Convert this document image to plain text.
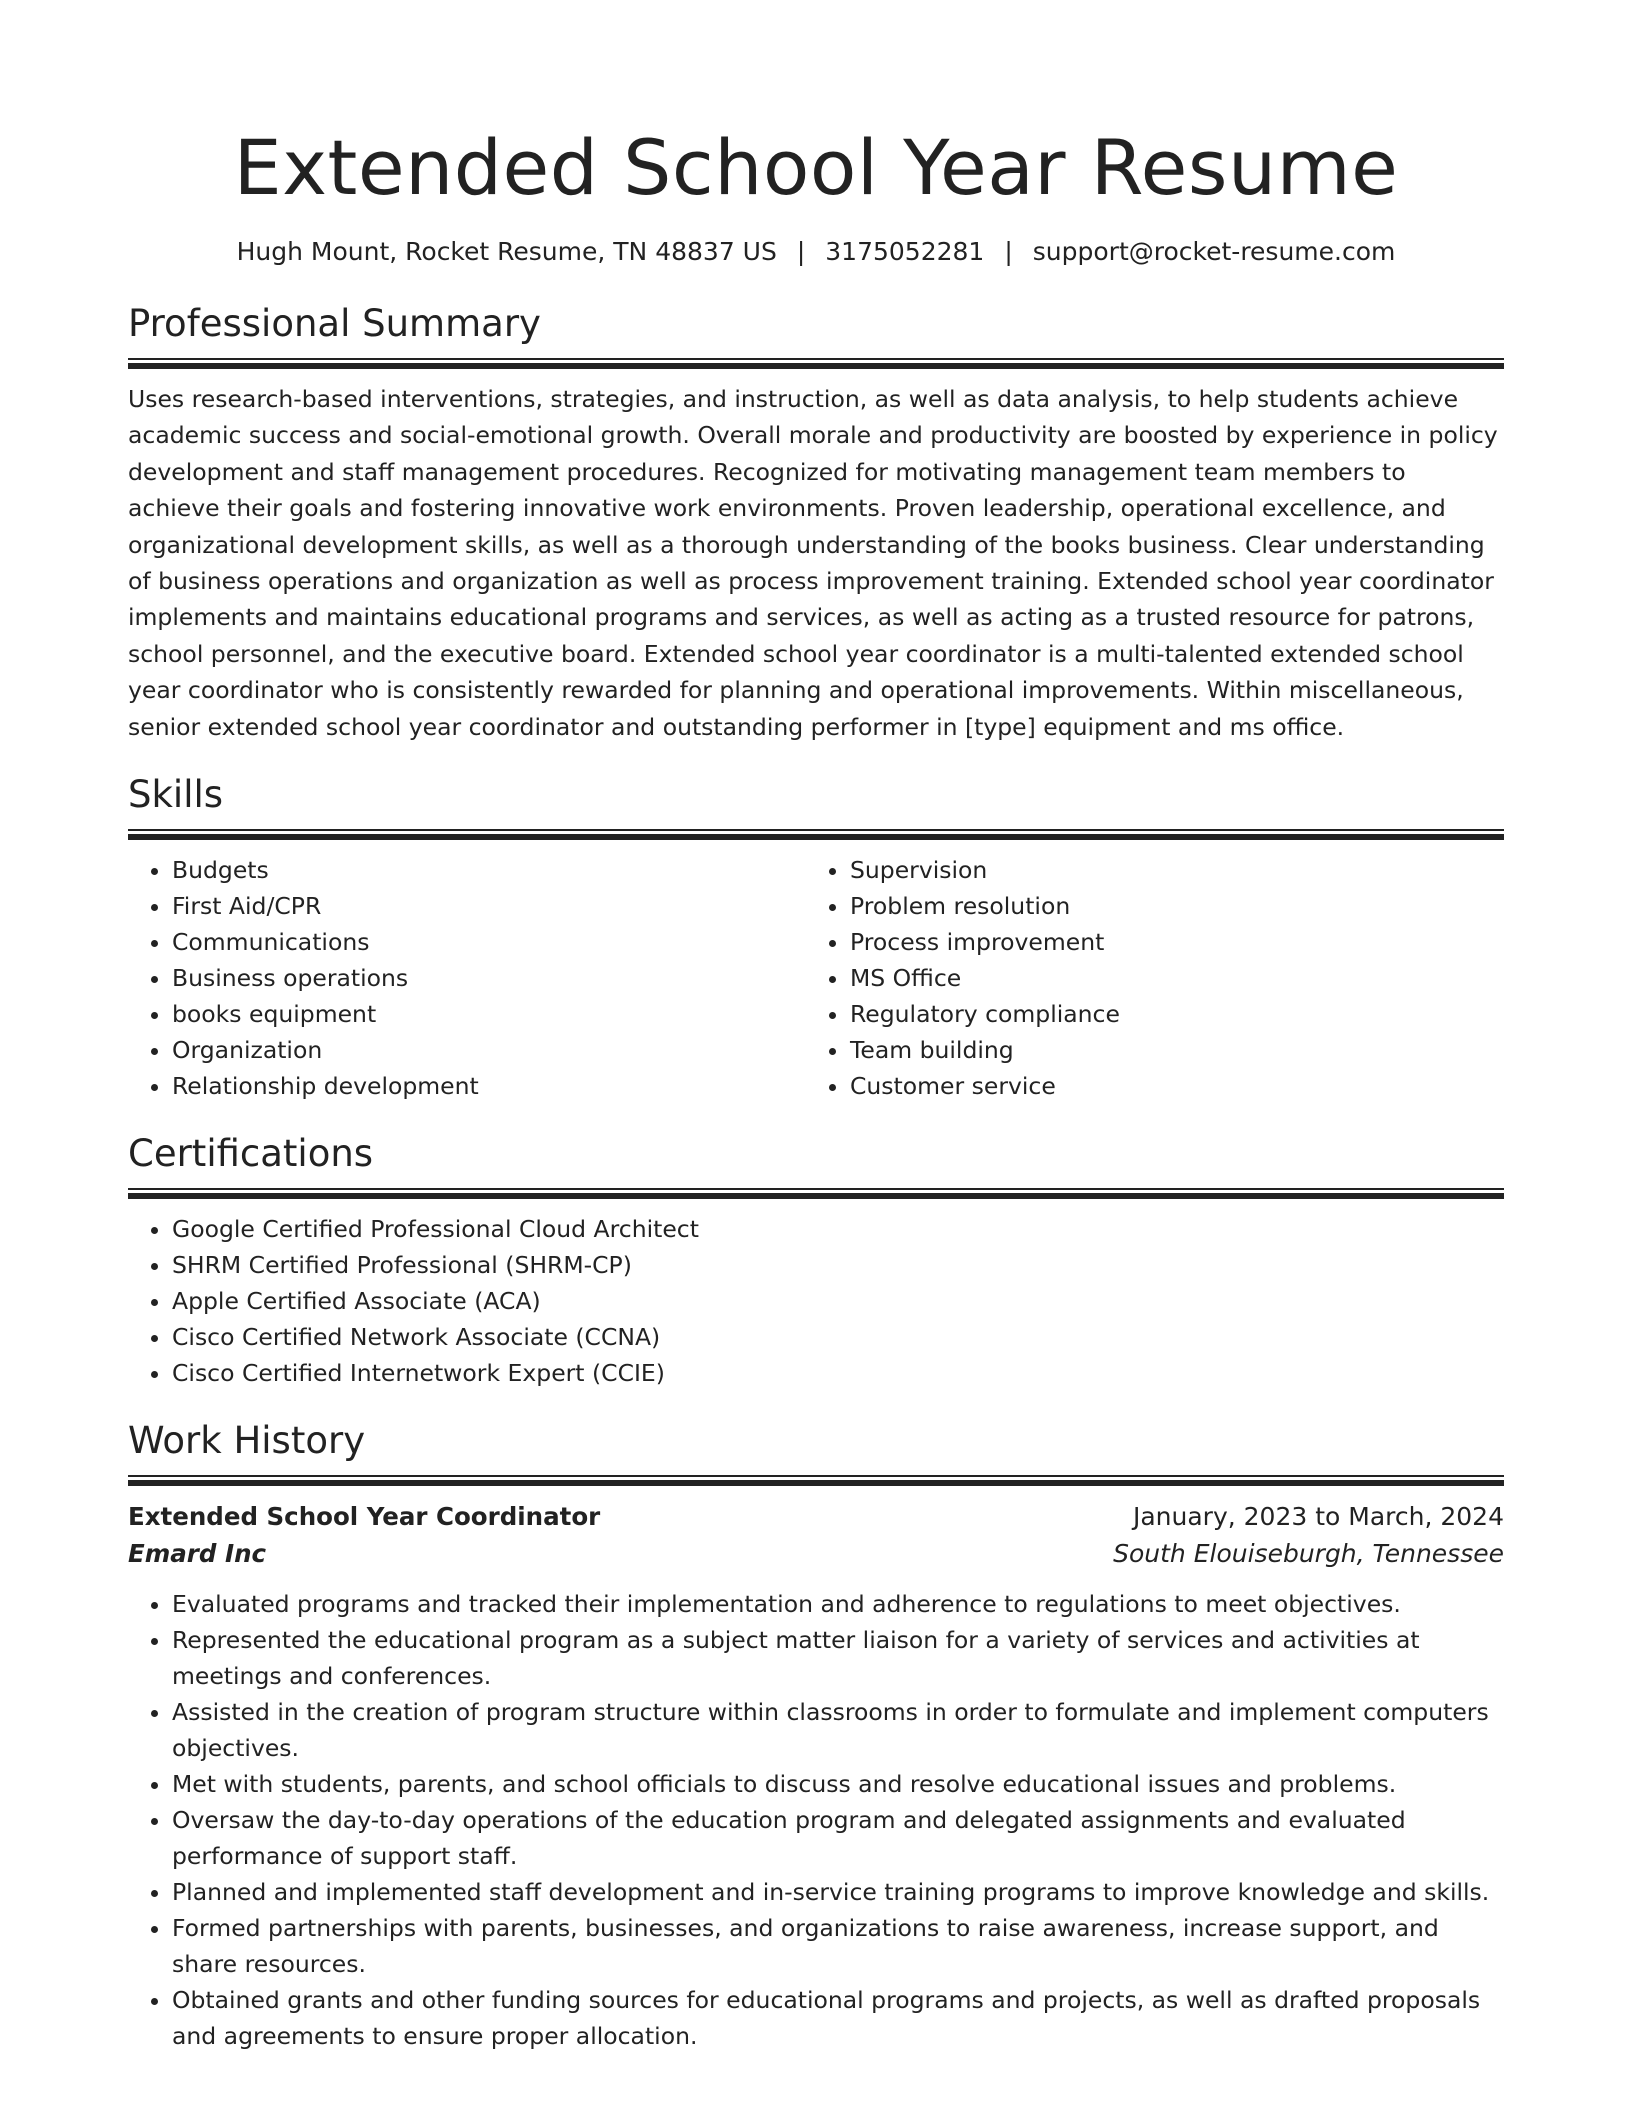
Extended School Year Resume
Hugh Mount, Rocket Resume, TN 48837 US | 3175052281 | support@rocket-resume.com
Professional Summary

Uses research-based interventions, strategies, and instruction, as well as data analysis, to help students achieve academic success and social-emotional growth. Overall morale and productivity are boosted by experience in policy development and staff management procedures. Recognized for motivating management team members to achieve their goals and fostering innovative work environments. Proven leadership, operational excellence, and organizational development skills, as well as a thorough understanding of the books business. Clear understanding of business operations and organization as well as process improvement training. Extended school year coordinator implements and maintains educational programs and services, as well as acting as a trusted resource for patrons, school personnel, and the executive board. Extended school year coordinator is a multi-talented extended school year coordinator who is consistently rewarded for planning and operational improvements. Within miscellaneous, senior extended school year coordinator and outstanding performer in [type] equipment and ms office.

Skills
• Budgets
• First Aid/CPR
• Communications
• Business operations
• books equipment
• Organization
• Relationship development
• Supervision
• Problem resolution
• Process improvement
• MS Office
• Regulatory compliance
• Team building
• Customer service
Certifications
• Google Certified Professional Cloud Architect
• SHRM Certified Professional (SHRM-CP)
• Apple Certified Associate (ACA)
• Cisco Certified Network Associate (CCNA)
• Cisco Certified Internetwork Expert (CCIE)
Work History
Extended School Year Coordinator	January, 2023 to March, 2024
Emard Inc	South Elouiseburgh, Tennessee
• Evaluated programs and tracked their implementation and adherence to regulations to meet objectives.
• Represented the educational program as a subject matter liaison for a variety of services and activities at meetings and conferences.
• Assisted in the creation of program structure within classrooms in order to formulate and implement computers objectives.
• Met with students, parents, and school officials to discuss and resolve educational issues and problems.
• Oversaw the day-to-day operations of the education program and delegated assignments and evaluated performance of support staff.
• Planned and implemented staff development and in-service training programs to improve knowledge and skills.
• Formed partnerships with parents, businesses, and organizations to raise awareness, increase support, and share resources.
• Obtained grants and other funding sources for educational programs and projects, as well as drafted proposals and agreements to ensure proper allocation.
